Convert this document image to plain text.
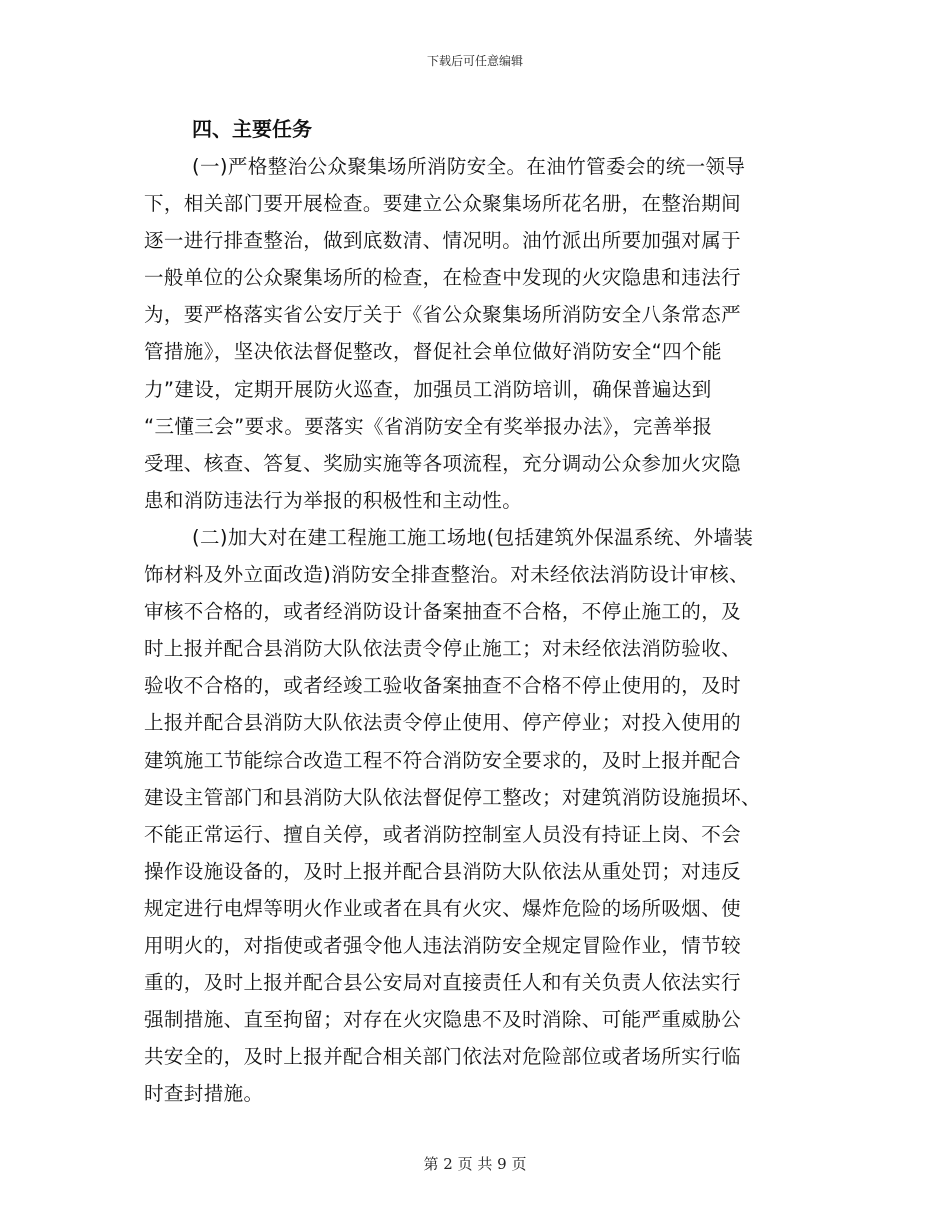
下载后可任意编辑
四、主要任务
(一)严格整治公众聚集场所消防安全。在油竹管委会的统一领导
下，相关部门要开展检查。要建立公众聚集场所花名册，在整治期间
逐一进行排查整治，做到底数清、情况明。油竹派出所要加强对属于
一般单位的公众聚集场所的检查，在检查中发现的火灾隐患和违法行
为，要严格落实省公安厅关于《省公众聚集场所消防安全八条常态严
管措施》，坚决依法督促整改，督促社会单位做好消防安全“四个能
力”建设，定期开展防火巡查，加强员工消防培训，确保普遍达到
“三懂三会”要求。要落实《省消防安全有奖举报办法》，完善举报
受理、核查、答复、奖励实施等各项流程，充分调动公众参加火灾隐
患和消防违法行为举报的积极性和主动性。
(二)加大对在建工程施工施工场地(包括建筑外保温系统、外墙装
饰材料及外立面改造)消防安全排查整治。对未经依法消防设计审核、
审核不合格的，或者经消防设计备案抽查不合格，不停止施工的，及
时上报并配合县消防大队依法责令停止施工；对未经依法消防验收、
验收不合格的，或者经竣工验收备案抽查不合格不停止使用的，及时
上报并配合县消防大队依法责令停止使用、停产停业；对投入使用的
建筑施工节能综合改造工程不符合消防安全要求的，及时上报并配合
建设主管部门和县消防大队依法督促停工整改；对建筑消防设施损坏、
不能正常运行、擅自关停，或者消防控制室人员没有持证上岗、不会
操作设施设备的，及时上报并配合县消防大队依法从重处罚；对违反
规定进行电焊等明火作业或者在具有火灾、爆炸危险的场所吸烟、使
用明火的，对指使或者强令他人违法消防安全规定冒险作业，情节较
重的，及时上报并配合县公安局对直接责任人和有关负责人依法实行
强制措施、直至拘留；对存在火灾隐患不及时消除、可能严重威胁公
共安全的，及时上报并配合相关部门依法对危险部位或者场所实行临
时查封措施。
第 2 页 共 9 页
